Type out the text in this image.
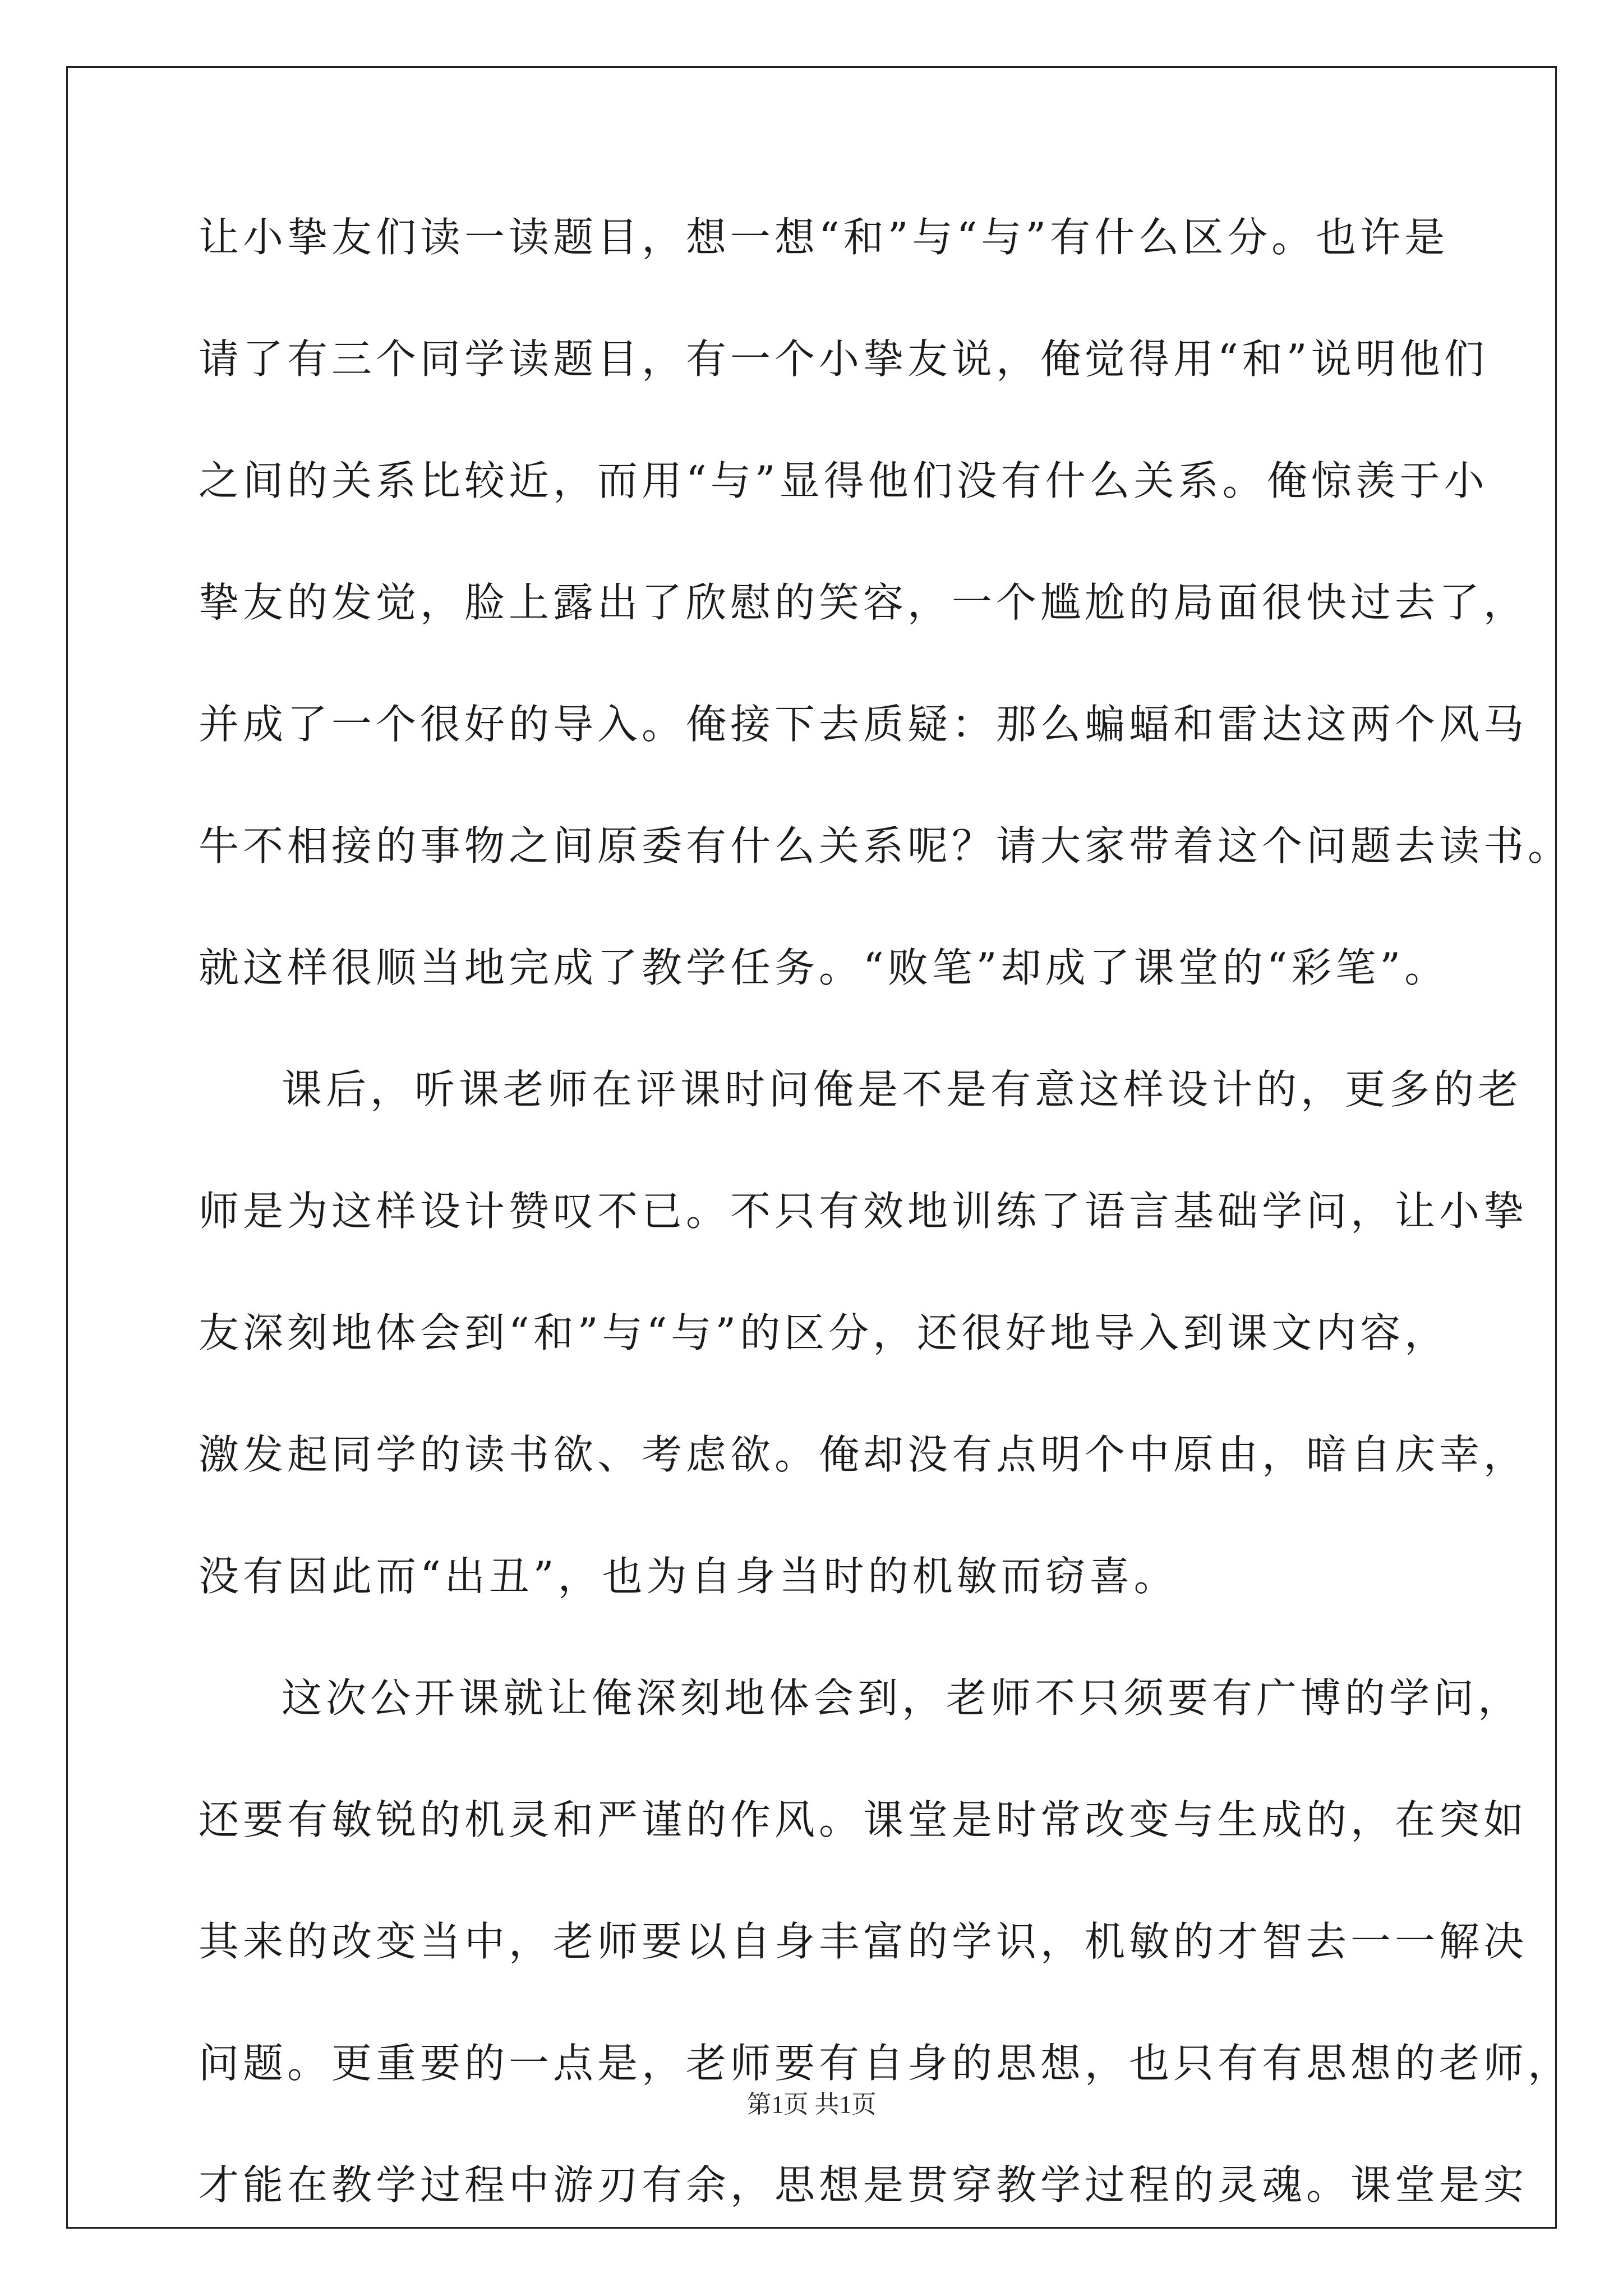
让小挚友们读一读题目，想一想“和”与“与”有什么区分。也许是
请了有三个同学读题目，有一个小挚友说，俺觉得用“和”说明他们
之间的关系比较近，而用“与”显得他们没有什么关系。俺惊羡于小
挚友的发觉，脸上露出了欣慰的笑容，一个尴尬的局面很快过去了，
并成了一个很好的导入。俺接下去质疑：那么蝙蝠和雷达这两个风马
牛不相接的事物之间原委有什么关系呢？请大家带着这个问题去读书。
就这样很顺当地完成了教学任务。“败笔”却成了课堂的“彩笔”。
课后，听课老师在评课时问俺是不是有意这样设计的，更多的老
师是为这样设计赞叹不已。不只有效地训练了语言基础学问，让小挚
友深刻地体会到“和”与“与”的区分，还很好地导入到课文内容，
激发起同学的读书欲、考虑欲。俺却没有点明个中原由，暗自庆幸，
没有因此而“出丑”，也为自身当时的机敏而窃喜。
这次公开课就让俺深刻地体会到，老师不只须要有广博的学问，
还要有敏锐的机灵和严谨的作风。课堂是时常改变与生成的，在突如
其来的改变当中，老师要以自身丰富的学识，机敏的才智去一一解决
问题。更重要的一点是，老师要有自身的思想，也只有有思想的老师，
才能在教学过程中游刃有余，思想是贯穿教学过程的灵魂。课堂是实
第1页 共1页
